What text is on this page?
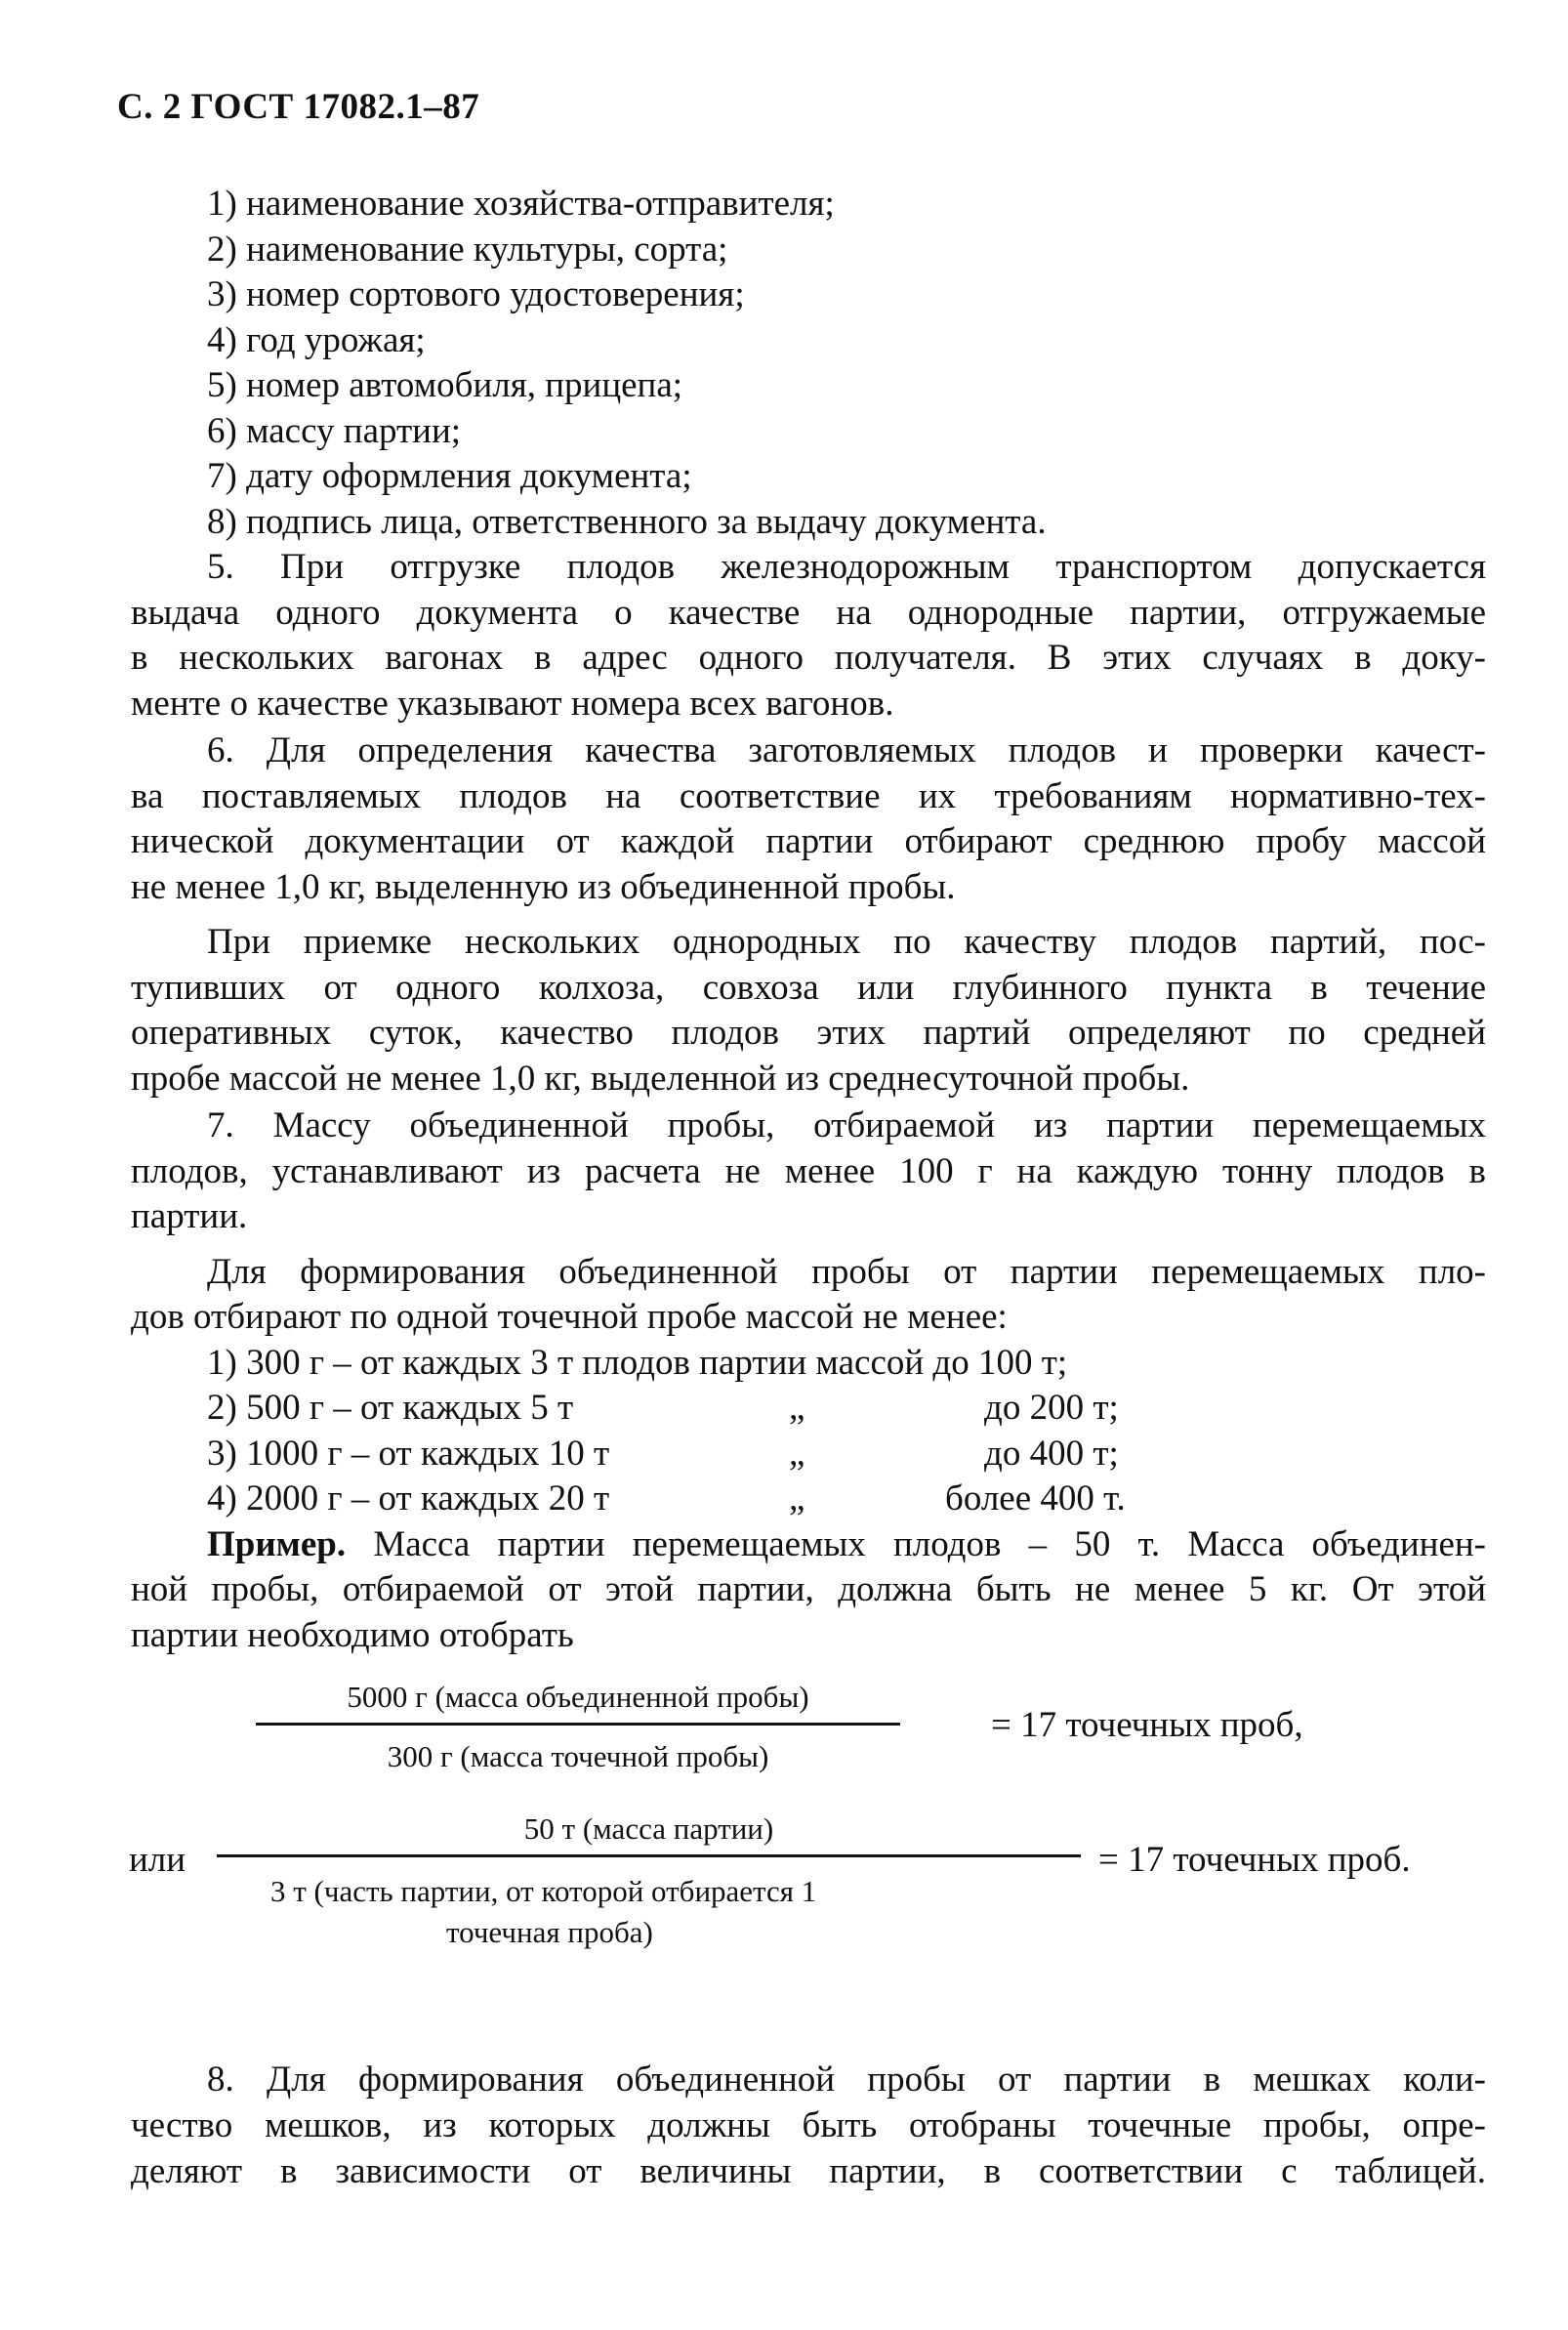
С. 2 ГОСТ 17082.1–87

1) наименование хозяйства-отправителя;

2) наименование культуры, сорта;

3) номер сортового удостоверения;

4) год урожая;

5) номер автомобиля, прицепа;

6) массу партии;

7) дату оформления документа;

8) подпись лица, ответственного за выдачу документа.

5. При отгрузке плодов железнодорожным транспортом допускается
выдача одного документа о качестве на однородные партии, отгружаемые
в нескольких вагонах в адрес одного получателя. В этих случаях в доку-
менте о качестве указывают номера всех вагонов.
6. Для определения качества заготовляемых плодов и проверки качест-
ва поставляемых плодов на соответствие их требованиям нормативно-тех-
нической документации от каждой партии отбирают среднюю пробу массой
не менее 1,0 кг, выделенную из объединенной пробы.
При приемке нескольких однородных по качеству плодов партий, пос-
тупивших от одного колхоза, совхоза или глубинного пункта в течение
оперативных суток, качество плодов этих партий определяют по средней
пробе массой не менее 1,0 кг, выделенной из среднесуточной пробы.
7. Массу объединенной пробы, отбираемой из партии перемещаемых
плодов, устанавливают из расчета не менее 100 г на каждую тонну плодов в
партии.
Для формирования объединенной пробы от партии перемещаемых пло-
дов отбирают по одной точечной пробе массой не менее:
1) 300 г – от каждых 3 т плодов партии массой до 100 т;
2) 500 г – от каждых 5 т	„	до 200 т;
3) 1000 г – от каждых 10 т	„	до 400 т;
4) 2000 г – от каждых 20 т	„	более 400 т.
Пример. Масса партии перемещаемых плодов – 50 т. Масса объединен-
ной пробы, отбираемой от этой партии, должна быть не менее 5 кг. От этой
партии необходимо отобрать
5000 г (масса объединенной пробы)
300 г (масса точечной пробы)
= 17 точечных проб,
или
50 т (масса партии)
3 т (часть партии, от которой отбирается 1
точечная проба)
= 17 точечных проб.
8. Для формирования объединенной пробы от партии в мешках коли-
чество мешков, из которых должны быть отобраны точечные пробы, опре-
деляют в зависимости от величины партии, в соответствии с таблицей.
